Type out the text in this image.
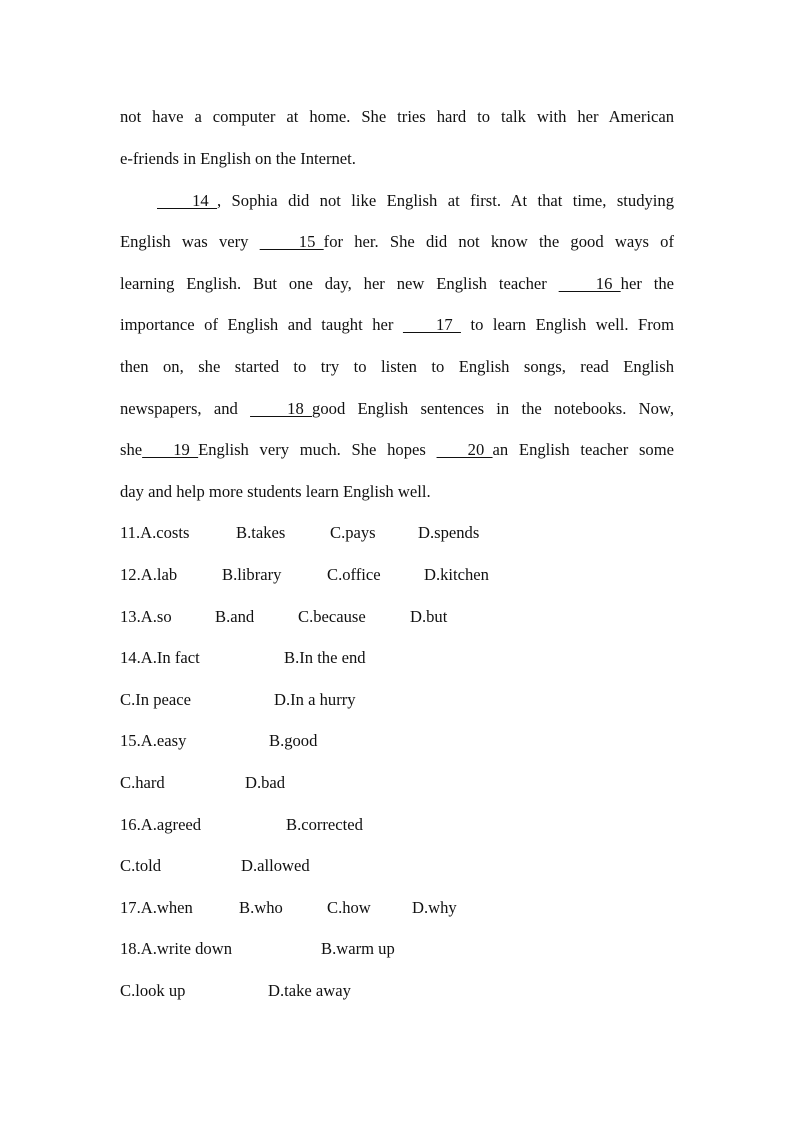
not have a computer at home. She tries hard to talk with her American
e-friends in English on the Internet.
14  , Sophia did not like English at first. At that time, studying
English was very   15  for her. She did not know the good ways of
learning English. But one day, her new English teacher   16  her the
importance of English and taught her   17   to learn English well. From
then on, she started to try to listen to English songs, read English
newspapers, and   18  good English sentences in the notebooks. Now,
she  19  English very much. She hopes   20  an English teacher some
day and help more students learn English well.
11.A.costs	B.takes	C.pays	D.spends
12.A.lab	B.library	C.office	D.kitchen
13.A.so	B.and	C.because	D.but
14.A.In fact	B.In the end
C.In peace	D.In a hurry
15.A.easy	B.good
C.hard	D.bad
16.A.agreed	B.corrected
C.told	D.allowed
17.A.when	B.who	C.how D.why
18.A.write down	B.warm up
C.look up	D.take away
